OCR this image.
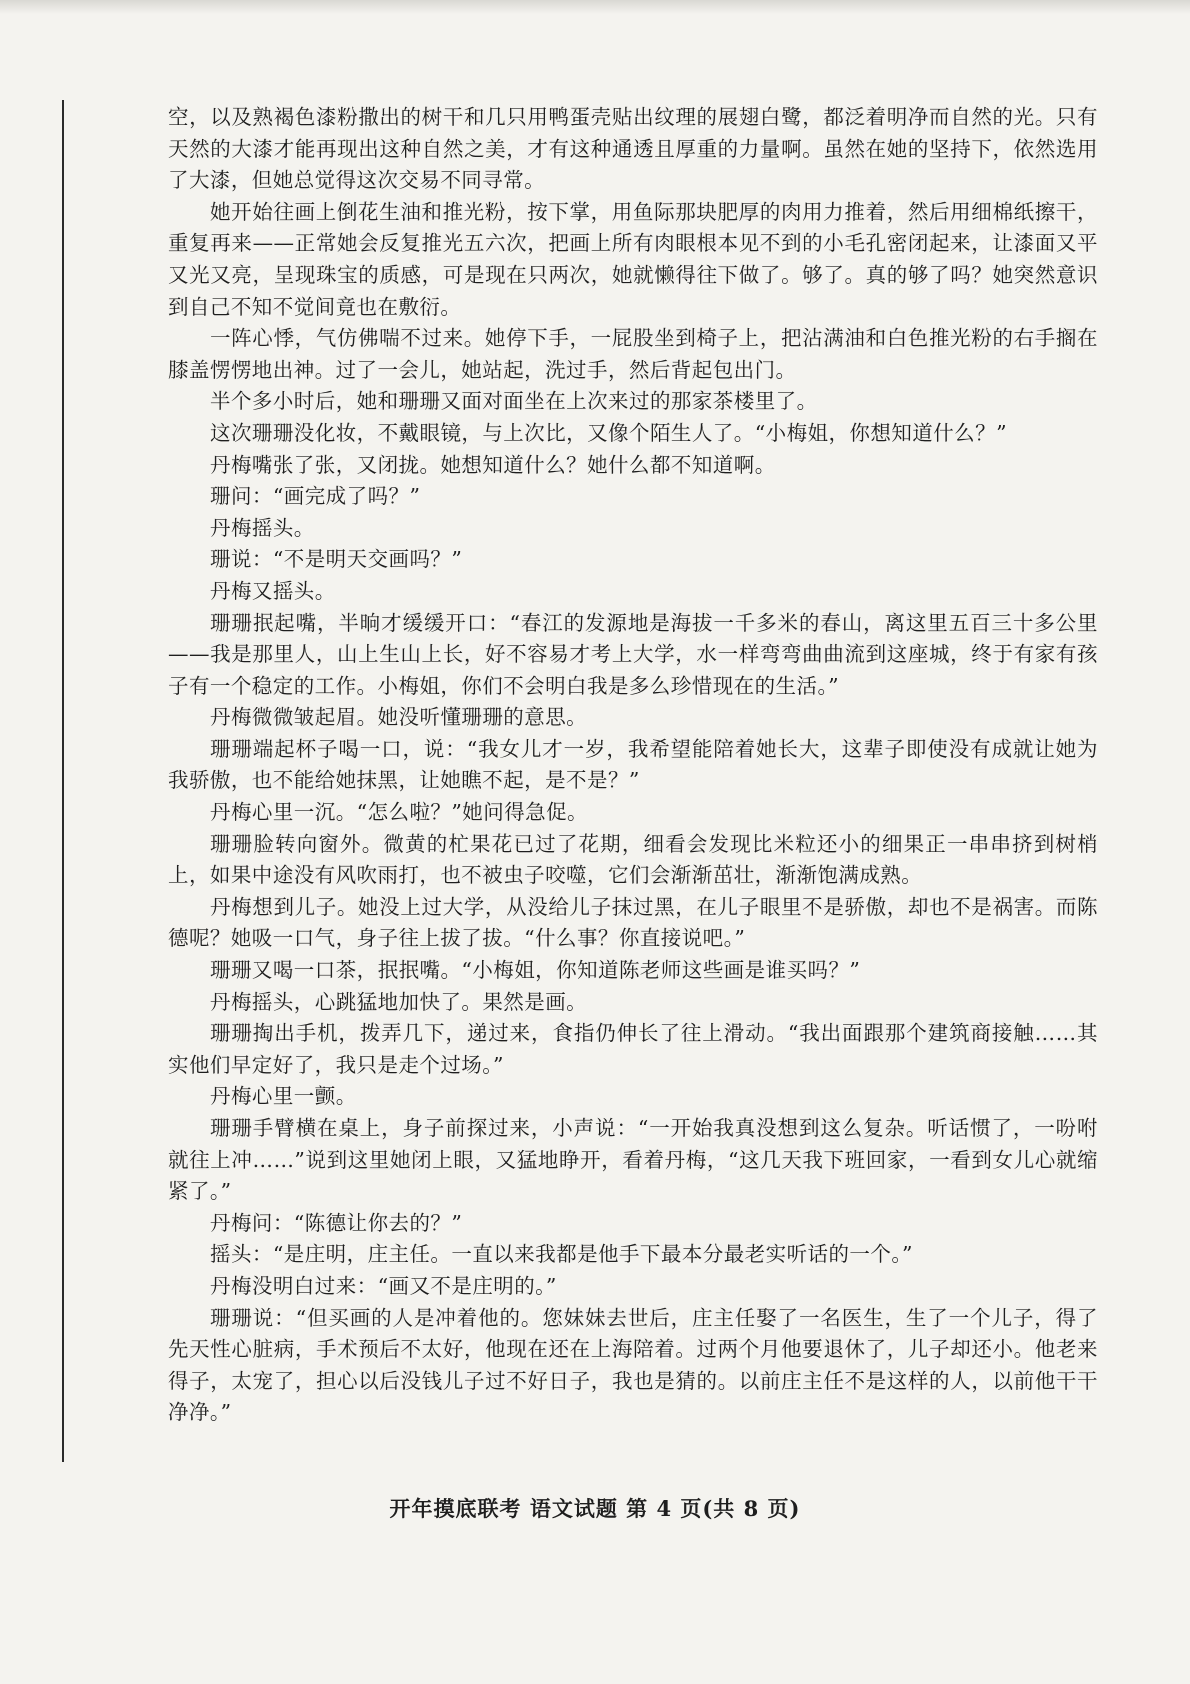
空，以及熟褐色漆粉撒出的树干和几只用鸭蛋壳贴出纹理的展翅白鹭，都泛着明净而自然的光。只有天然的大漆才能再现出这种自然之美，才有这种通透且厚重的力量啊。虽然在她的坚持下，依然选用了大漆，但她总觉得这次交易不同寻常。

她开始往画上倒花生油和推光粉，按下掌，用鱼际那块肥厚的肉用力推着，然后用细棉纸擦干，重复再来——正常她会反复推光五六次，把画上所有肉眼根本见不到的小毛孔密闭起来，让漆面又平又光又亮，呈现珠宝的质感，可是现在只两次，她就懒得往下做了。够了。真的够了吗？她突然意识到自己不知不觉间竟也在敷衍。

一阵心悸，气仿佛喘不过来。她停下手，一屁股坐到椅子上，把沾满油和白色推光粉的右手搁在膝盖愣愣地出神。过了一会儿，她站起，洗过手，然后背起包出门。

半个多小时后，她和珊珊又面对面坐在上次来过的那家茶楼里了。

这次珊珊没化妆，不戴眼镜，与上次比，又像个陌生人了。“小梅姐，你想知道什么？”

丹梅嘴张了张，又闭拢。她想知道什么？她什么都不知道啊。

珊问：“画完成了吗？”

丹梅摇头。

珊说：“不是明天交画吗？”

丹梅又摇头。

珊珊抿起嘴，半晌才缓缓开口：“春江的发源地是海拔一千多米的春山，离这里五百三十多公里——我是那里人，山上生山上长，好不容易才考上大学，水一样弯弯曲曲流到这座城，终于有家有孩子有一个稳定的工作。小梅姐，你们不会明白我是多么珍惜现在的生活。”

丹梅微微皱起眉。她没听懂珊珊的意思。

珊珊端起杯子喝一口，说：“我女儿才一岁，我希望能陪着她长大，这辈子即使没有成就让她为我骄傲，也不能给她抹黑，让她瞧不起，是不是？”

丹梅心里一沉。“怎么啦？”她问得急促。

珊珊脸转向窗外。微黄的杧果花已过了花期，细看会发现比米粒还小的细果正一串串挤到树梢上，如果中途没有风吹雨打，也不被虫子咬噬，它们会渐渐茁壮，渐渐饱满成熟。

丹梅想到儿子。她没上过大学，从没给儿子抹过黑，在儿子眼里不是骄傲，却也不是祸害。而陈德呢？她吸一口气，身子往上拔了拔。“什么事？你直接说吧。”

珊珊又喝一口茶，抿抿嘴。“小梅姐，你知道陈老师这些画是谁买吗？”

丹梅摇头，心跳猛地加快了。果然是画。

珊珊掏出手机，拨弄几下，递过来，食指仍伸长了往上滑动。“我出面跟那个建筑商接触……其实他们早定好了，我只是走个过场。”

丹梅心里一颤。

珊珊手臂横在桌上，身子前探过来，小声说：“一开始我真没想到这么复杂。听话惯了，一吩咐就往上冲……”说到这里她闭上眼，又猛地睁开，看着丹梅，“这几天我下班回家，一看到女儿心就缩紧了。”

丹梅问：“陈德让你去的？”

摇头：“是庄明，庄主任。一直以来我都是他手下最本分最老实听话的一个。”

丹梅没明白过来：“画又不是庄明的。”

珊珊说：“但买画的人是冲着他的。您妹妹去世后，庄主任娶了一名医生，生了一个儿子，得了先天性心脏病，手术预后不太好，他现在还在上海陪着。过两个月他要退休了，儿子却还小。他老来得子，太宠了，担心以后没钱儿子过不好日子，我也是猜的。以前庄主任不是这样的人，以前他干干净净。”

开年摸底联考 语文试题 第 4 页(共 8 页)
